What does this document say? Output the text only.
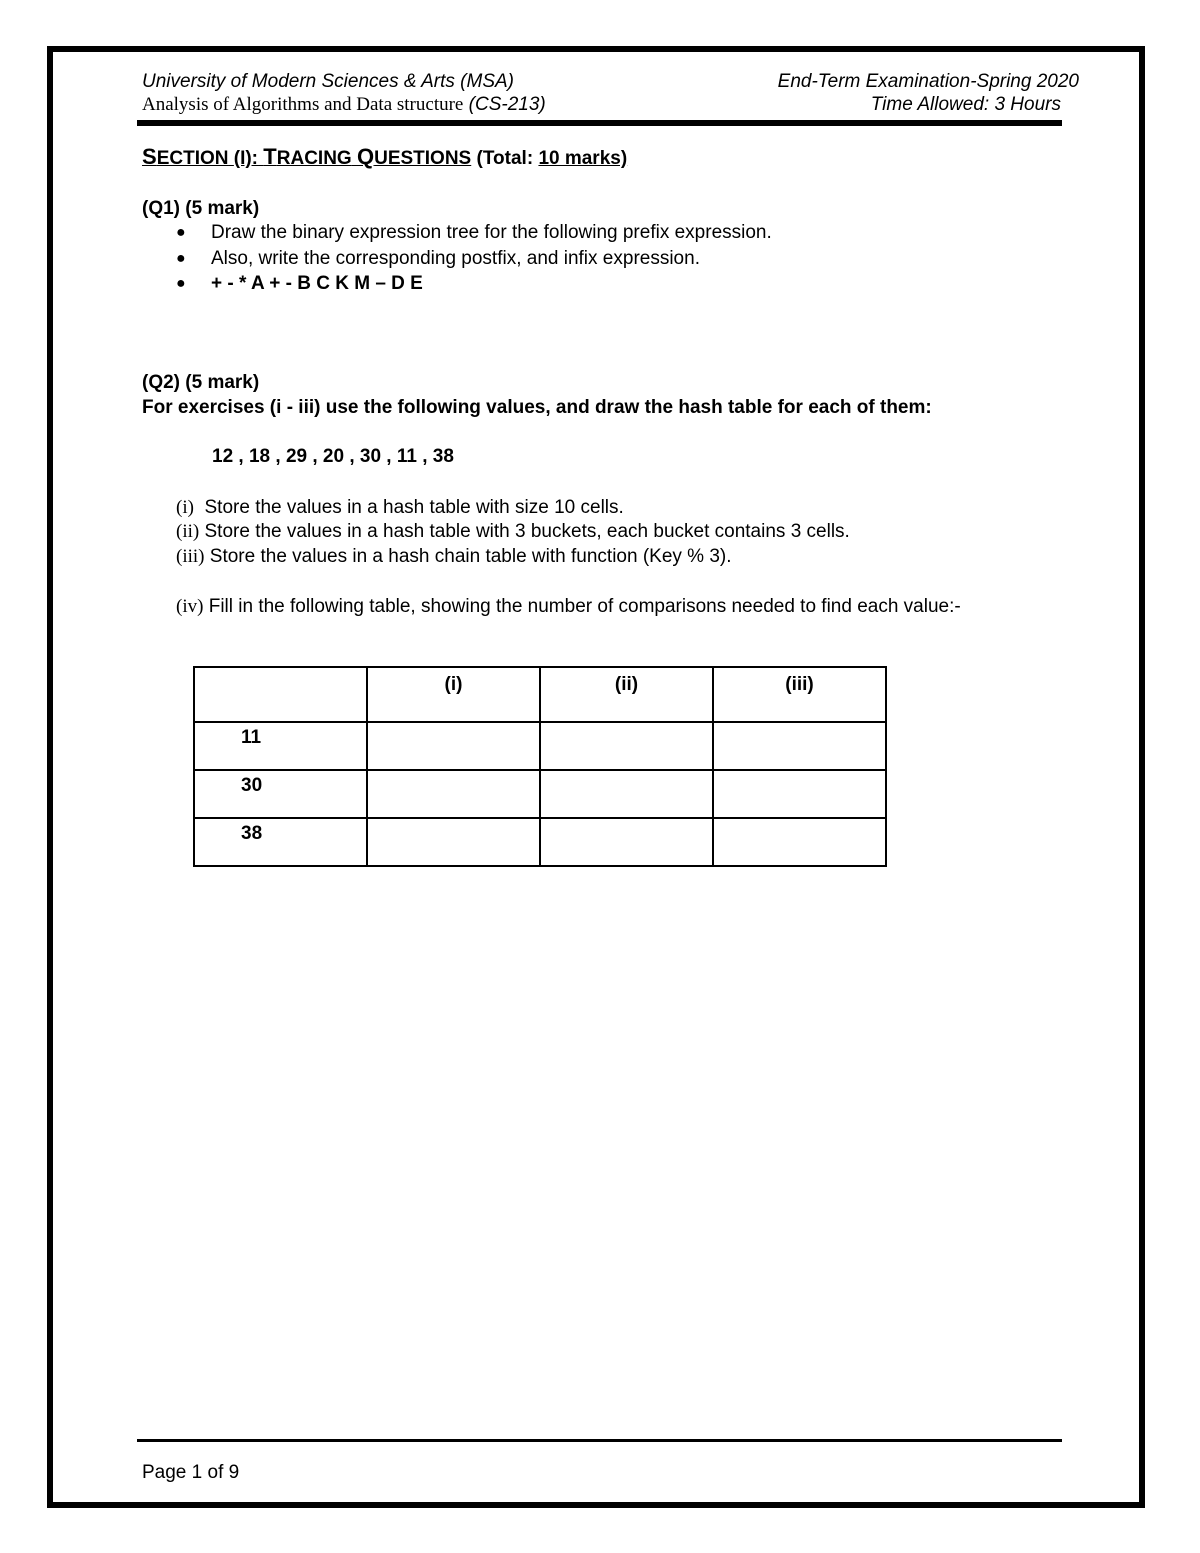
University of Modern Sciences & Arts (MSA)
Analysis of Algorithms and Data structure (CS-213)
End-Term Examination-Spring 2020
Time Allowed: 3 Hours
SECTION (I): TRACING QUESTIONS (Total: 10 marks)
(Q1) (5 mark)
● Draw the binary expression tree for the following prefix expression.
● Also, write the corresponding postfix, and infix expression.
● + - * A + - B C K M – D E
(Q2) (5 mark)
For exercises (i - iii) use the following values, and draw the hash table for each of them:
12 , 18 , 29 , 20 , 30 , 11 , 38
(i) Store the values in a hash table with size 10 cells.
(ii) Store the values in a hash table with 3 buckets, each bucket contains 3 cells.
(iii) Store the values in a hash chain table with function (Key % 3).
(iv) Fill in the following table, showing the number of comparisons needed to find each value:-
	(i)	(ii)	(iii)
11			
30			
38			
Page 1 of 9
